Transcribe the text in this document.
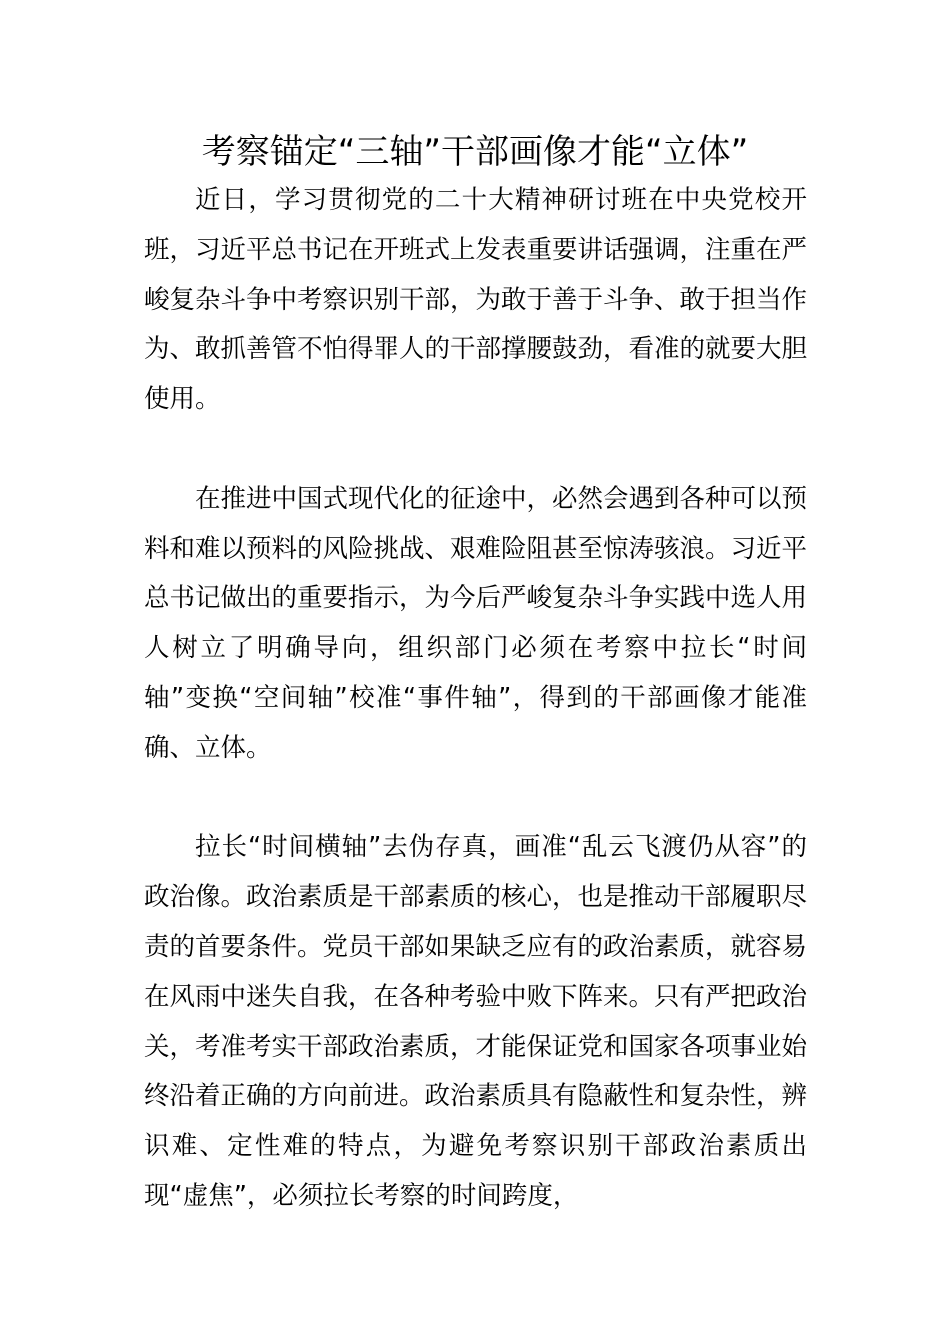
考察锚定“三轴”干部画像才能“立体”

近日，学习贯彻党的二十大精神研讨班在中央党校开班，习近平总书记在开班式上发表重要讲话强调，注重在严峻复杂斗争中考察识别干部，为敢于善于斗争、敢于担当作为、敢抓善管不怕得罪人的干部撑腰鼓劲，看准的就要大胆使用。

在推进中国式现代化的征途中，必然会遇到各种可以预料和难以预料的风险挑战、艰难险阻甚至惊涛骇浪。习近平总书记做出的重要指示，为今后严峻复杂斗争实践中选人用人树立了明确导向，组织部门必须在考察中拉长“时间轴”变换“空间轴”校准“事件轴”，得到的干部画像才能准确、立体。

拉长“时间横轴”去伪存真，画准“乱云飞渡仍从容”的政治像。政治素质是干部素质的核心，也是推动干部履职尽责的首要条件。党员干部如果缺乏应有的政治素质，就容易在风雨中迷失自我，在各种考验中败下阵来。只有严把政治关，考准考实干部政治素质，才能保证党和国家各项事业始终沿着正确的方向前进。政治素质具有隐蔽性和复杂性，辨识难、定性难的特点，为避免考察识别干部政治素质出现“虚焦”，必须拉长考察的时间跨度，
